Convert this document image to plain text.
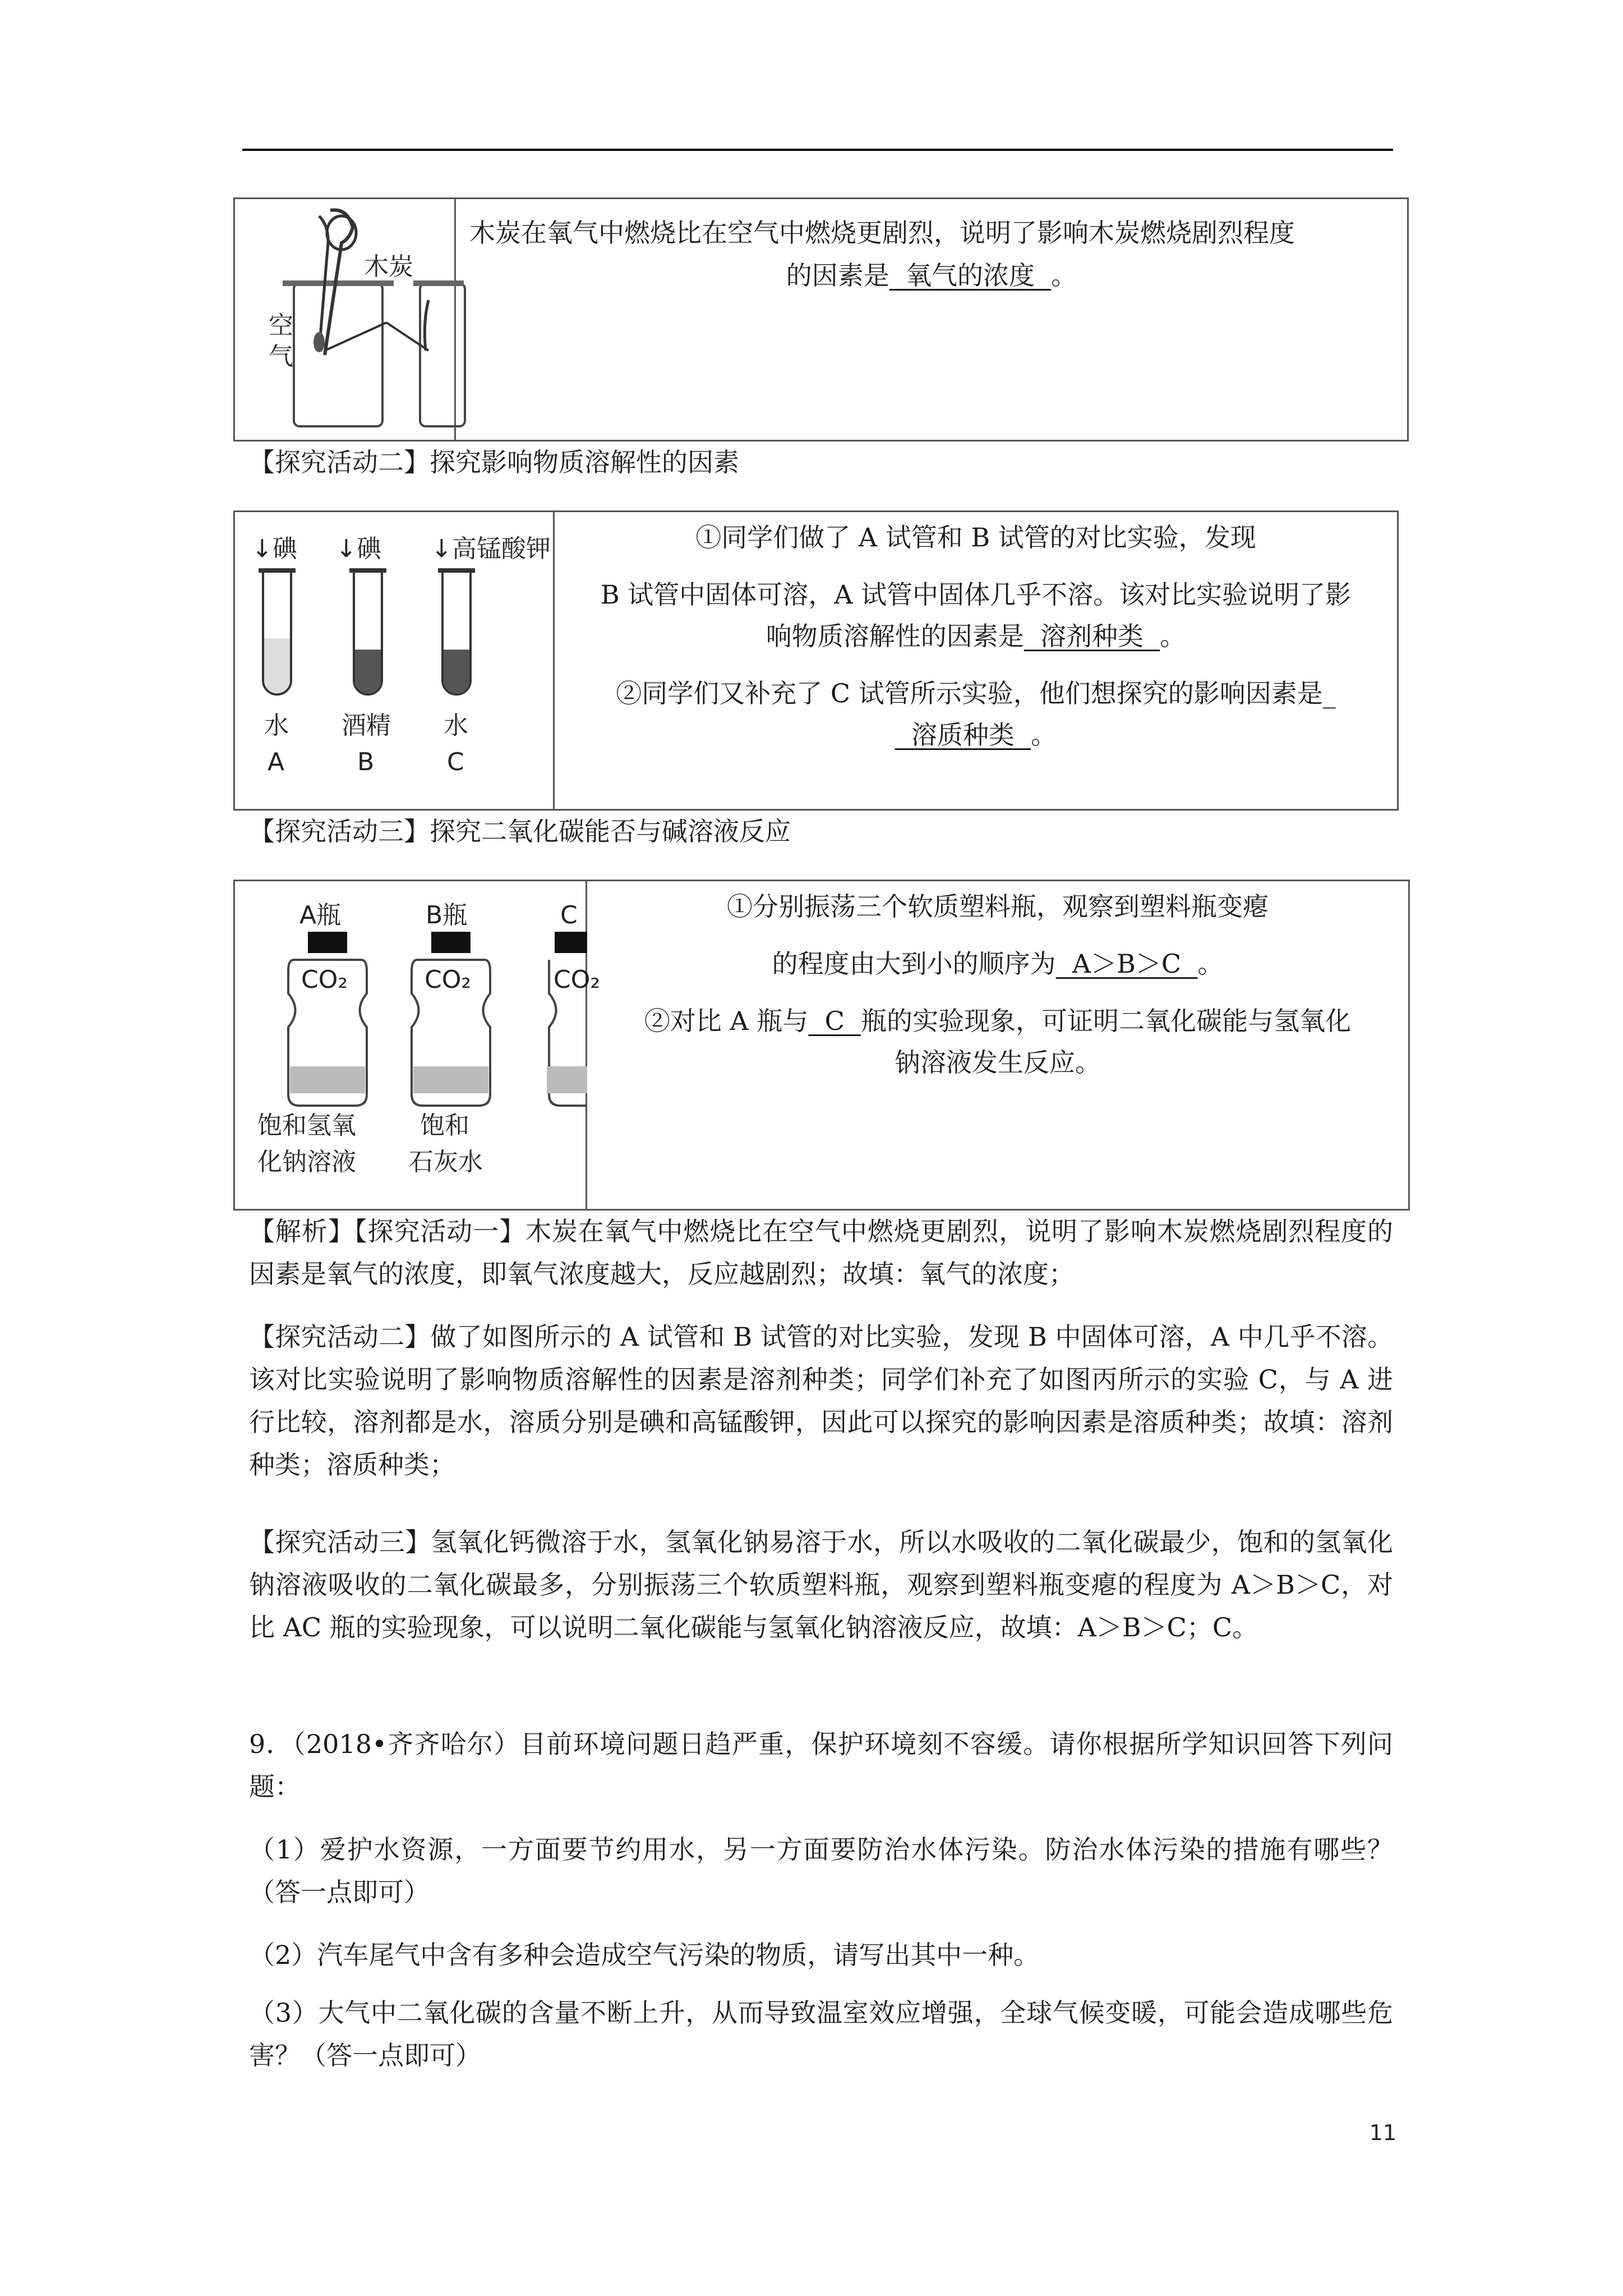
木炭
空
气
木炭在氧气中燃烧比在空气中燃烧更剧烈，说明了影响木炭燃烧剧烈程度
的因素是  氧气的浓度  。
【探究活动二】探究影响物质溶解性的因素
↓碘 ↓碘 ↓高锰酸钾
水 酒精 水
A	B	C
①同学们做了 A 试管和 B 试管的对比实验，发现
B 试管中固体可溶，A 试管中固体几乎不溶。该对比实验说明了影
响物质溶解性的因素是  溶剂种类  。
②同学们又补充了 C 试管所示实验，他们想探究的影响因素是_
溶质种类  。
【探究活动三】探究二氧化碳能否与碱溶液反应
A瓶	B瓶	C
CO₂
饱和氢氧
化钠溶液
CO₂
饱和
石灰水
CO₂
①分别振荡三个软质塑料瓶，观察到塑料瓶变瘪
的程度由大到小的顺序为  A＞B＞C  。
②对比 A 瓶与  C  瓶的实验现象，可证明二氧化碳能与氢氧化
钠溶液发生反应。
【解析】【探究活动一】木炭在氧气中燃烧比在空气中燃烧更剧烈，说明了影响木炭燃烧剧烈程度的因素是氧气的浓度，即氧气浓度越大，反应越剧烈；故填：氧气的浓度；
【探究活动二】做了如图所示的 A 试管和 B 试管的对比实验，发现 B 中固体可溶，A 中几乎不溶。该对比实验说明了影响物质溶解性的因素是溶剂种类；同学们补充了如图丙所示的实验 C，与 A 进行比较，溶剂都是水，溶质分别是碘和高锰酸钾，因此可以探究的影响因素是溶质种类；故填：溶剂种类；溶质种类；
【探究活动三】氢氧化钙微溶于水，氢氧化钠易溶于水，所以水吸收的二氧化碳最少，饱和的氢氧化钠溶液吸收的二氧化碳最多，分别振荡三个软质塑料瓶，观察到塑料瓶变瘪的程度为 A＞B＞C，对比 AC 瓶的实验现象，可以说明二氧化碳能与氢氧化钠溶液反应，故填：A＞B＞C；C。
9．（2018•齐齐哈尔）目前环境问题日趋严重，保护环境刻不容缓。请你根据所学知识回答下列问题：
（1）爱护水资源，一方面要节约用水，另一方面要防治水体污染。防治水体污染的措施有哪些？（答一点即可）
（2）汽车尾气中含有多种会造成空气污染的物质，请写出其中一种。
（3）大气中二氧化碳的含量不断上升，从而导致温室效应增强，全球气候变暖，可能会造成哪些危害？（答一点即可）
11
